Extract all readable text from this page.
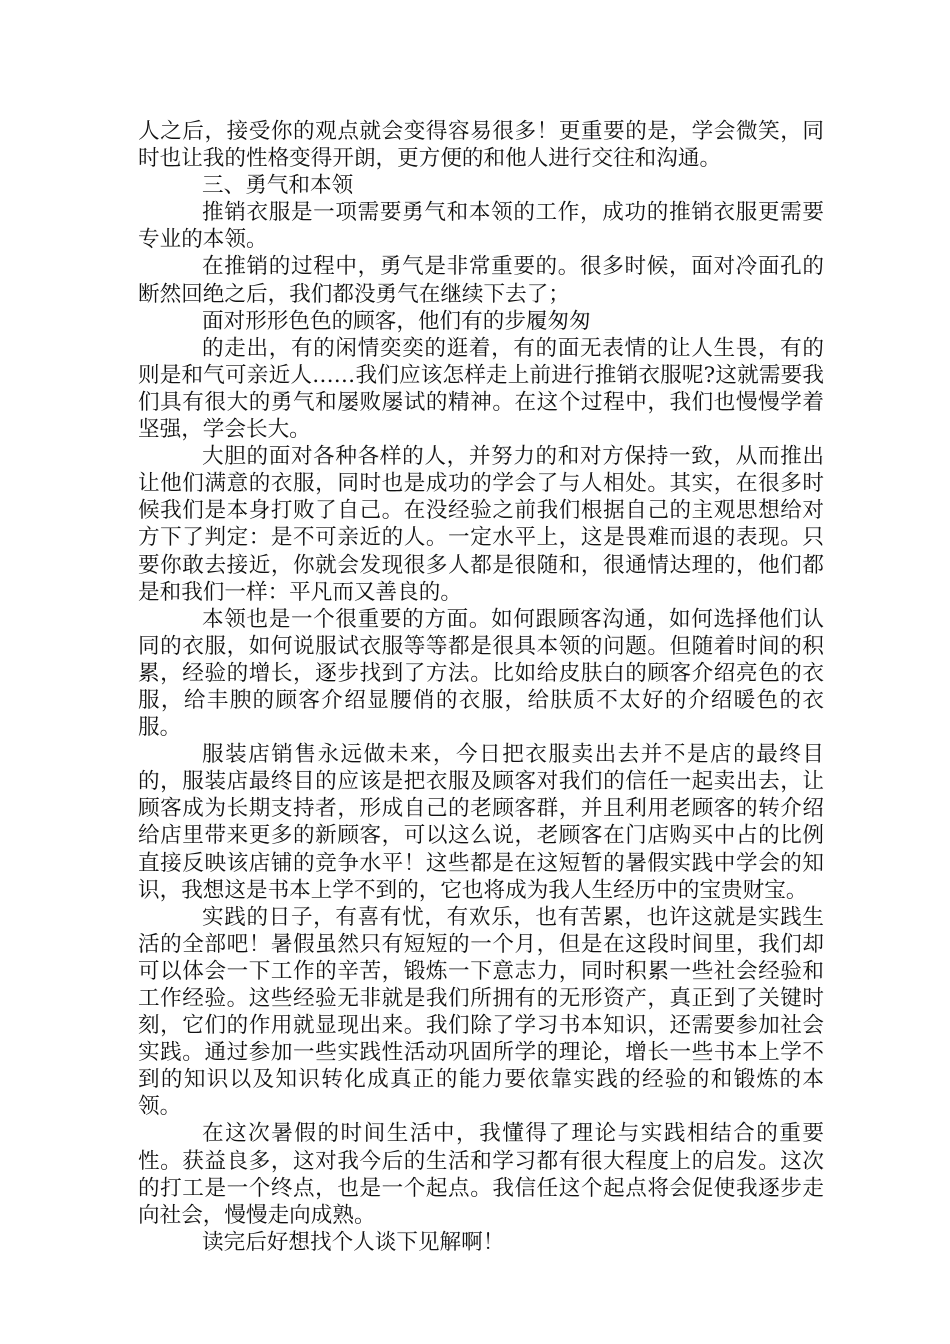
人之后，接受你的观点就会变得容易很多！更重要的是，学会微笑，同时也让我的性格变得开朗，更方便的和他人进行交往和沟通。

三、勇气和本领

推销衣服是一项需要勇气和本领的工作，成功的推销衣服更需要专业的本领。

在推销的过程中，勇气是非常重要的。很多时候，面对冷面孔的断然回绝之后，我们都没勇气在继续下去了；

面对形形色色的顾客，他们有的步履匆匆

的走出，有的闲情奕奕的逛着，有的面无表情的让人生畏，有的则是和气可亲近人……我们应该怎样走上前进行推销衣服呢?这就需要我们具有很大的勇气和屡败屡试的精神。在这个过程中，我们也慢慢学着坚强，学会长大。

大胆的面对各种各样的人，并努力的和对方保持一致，从而推出让他们满意的衣服，同时也是成功的学会了与人相处。其实，在很多时候我们是本身打败了自己。在没经验之前我们根据自己的主观思想给对方下了判定：是不可亲近的人。一定水平上，这是畏难而退的表现。只要你敢去接近，你就会发现很多人都是很随和，很通情达理的，他们都是和我们一样：平凡而又善良的。

本领也是一个很重要的方面。如何跟顾客沟通，如何选择他们认同的衣服，如何说服试衣服等等都是很具本领的问题。但随着时间的积累，经验的增长，逐步找到了方法。比如给皮肤白的顾客介绍亮色的衣服，给丰腴的顾客介绍显腰俏的衣服，给肤质不太好的介绍暖色的衣服。

服装店销售永远做未来，今日把衣服卖出去并不是店的最终目的，服装店最终目的应该是把衣服及顾客对我们的信任一起卖出去，让顾客成为长期支持者，形成自己的老顾客群，并且利用老顾客的转介绍给店里带来更多的新顾客，可以这么说，老顾客在门店购买中占的比例直接反映该店铺的竞争水平！这些都是在这短暂的暑假实践中学会的知识，我想这是书本上学不到的，它也将成为我人生经历中的宝贵财宝。

实践的日子，有喜有忧，有欢乐，也有苦累，也许这就是实践生活的全部吧！暑假虽然只有短短的一个月，但是在这段时间里，我们却可以体会一下工作的辛苦，锻炼一下意志力，同时积累一些社会经验和工作经验。这些经验无非就是我们所拥有的无形资产，真正到了关键时刻，它们的作用就显现出来。我们除了学习书本知识，还需要参加社会实践。通过参加一些实践性活动巩固所学的理论，增长一些书本上学不到的知识以及知识转化成真正的能力要依靠实践的经验的和锻炼的本领。

在这次暑假的时间生活中，我懂得了理论与实践相结合的重要性。获益良多，这对我今后的生活和学习都有很大程度上的启发。这次的打工是一个终点，也是一个起点。我信任这个起点将会促使我逐步走向社会，慢慢走向成熟。

读完后好想找个人谈下见解啊！
